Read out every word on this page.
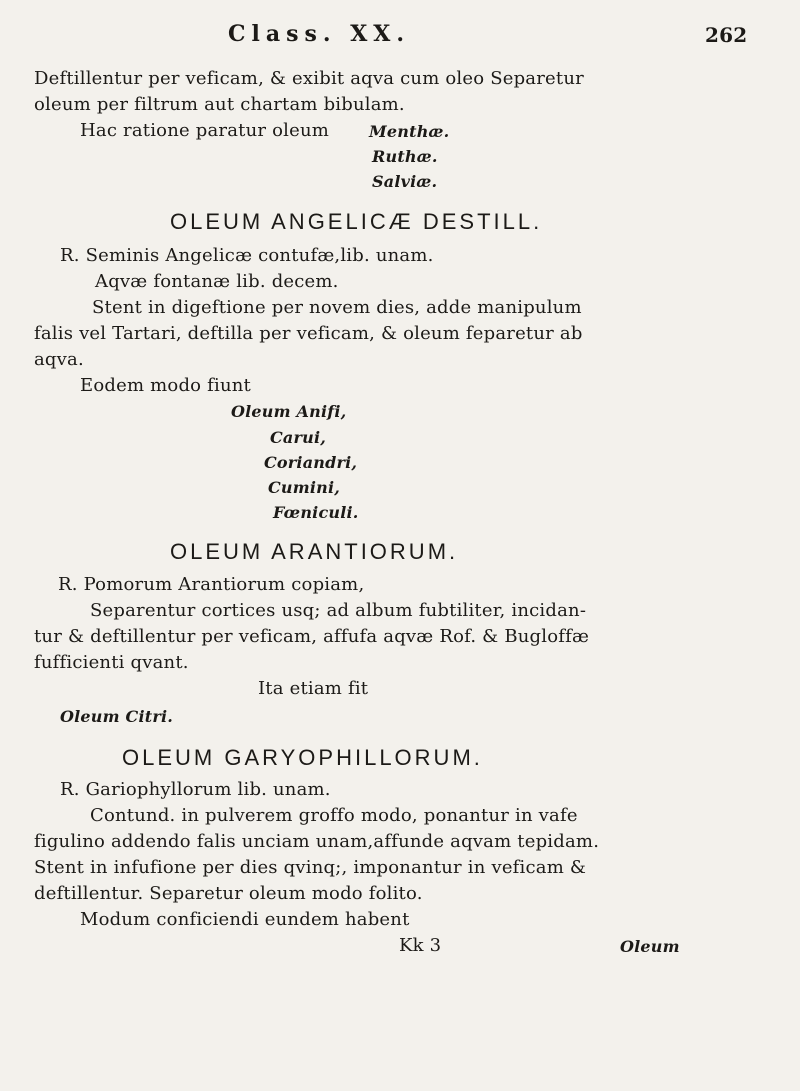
Class. XX.	262
Deftillentur per veficam, & exibit aqva cum oleo Separetur
oleum per filtrum aut chartam bibulam.
Hac ratione paratur oleum Menthæ.
Ruthæ.
Salviæ.
OLEUM ANGELICÆ DESTILL.
R. Seminis Angelicæ contufæ,lib. unam.
Aqvæ fontanæ lib. decem.
Stent in digeftione per novem dies, adde manipulum
falis vel Tartari, deftilla per veficam, & oleum feparetur ab
aqva.
Eodem modo fiunt
Oleum Anifi,
Carui,
Coriandri,
Cumini,
Fœniculi.
OLEUM ARANTIORUM.
R. Pomorum Arantiorum copiam,
Separentur cortices usq; ad album fubtiliter, incidan-
tur & deftillentur per veficam, affufa aqvæ Rof. & Bugloffæ
fufficienti qvant.
Ita etiam fit
Oleum Citri.
OLEUM GARYOPHILLORUM.
R. Gariophyllorum lib. unam.
Contund. in pulverem groffo modo, ponantur in vafe
figulino addendo falis unciam unam,affunde aqvam tepidam.
Stent in infufione per dies qvinq;, imponantur in veficam &
deftillentur. Separetur oleum modo folito.
Modum conficiendi eundem habent
Kk 3	Oleum
